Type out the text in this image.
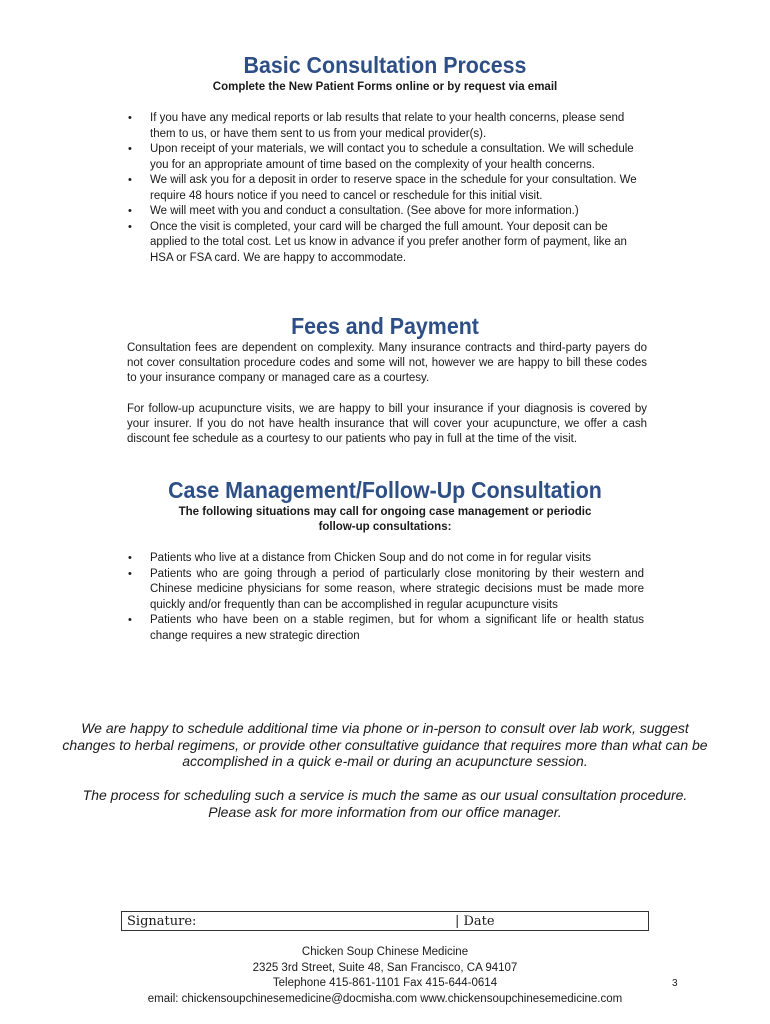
Basic Consultation Process

Complete the New Patient Forms online or by request via email

• If you have any medical reports or lab results that relate to your health concerns, please send them to us, or have them sent to us from your medical provider(s).
• Upon receipt of your materials, we will contact you to schedule a consultation. We will schedule you for an appropriate amount of time based on the complexity of your health concerns.
• We will ask you for a deposit in order to reserve space in the schedule for your consultation. We require 48 hours notice if you need to cancel or reschedule for this initial visit.
• We will meet with you and conduct a consultation. (See above for more information.)
• Once the visit is completed, your card will be charged the full amount. Your deposit can be applied to the total cost. Let us know in advance if you prefer another form of payment, like an HSA or FSA card. We are happy to accommodate.
Fees and Payment

Consultation fees are dependent on complexity. Many insurance contracts and third-party payers do not cover consultation procedure codes and some will not, however we are happy to bill these codes to your insurance company or managed care as a courtesy.

For follow-up acupuncture visits, we are happy to bill your insurance if your diagnosis is covered by your insurer. If you do not have health insurance that will cover your acupuncture, we offer a cash discount fee schedule as a courtesy to our patients who pay in full at the time of the visit.

Case Management/Follow-Up Consultation

The following situations may call for ongoing case management or periodic
follow-up consultations:

• Patients who live at a distance from Chicken Soup and do not come in for regular visits
• Patients who are going through a period of particularly close monitoring by their western and Chinese medicine physicians for some reason, where strategic decisions must be made more quickly and/or frequently than can be accomplished in regular acupuncture visits
• Patients who have been on a stable regimen, but for whom a significant life or health status change requires a new strategic direction

We are happy to schedule additional time via phone or in-person to consult over lab work, suggest changes to herbal regimens, or provide other consultative guidance that requires more than what can be accomplished in a quick e-mail or during an acupuncture session.

The process for scheduling such a service is much the same as our usual consultation procedure. Please ask for more information from our office manager.

Signature:	| Date
Chicken Soup Chinese Medicine
2325 3rd Street, Suite 48, San Francisco, CA 94107
Telephone 415-861-1101 Fax 415-644-0614
email: chickensoupchinesemedicine@docmisha.com www.chickensoupchinesemedicine.com
3
